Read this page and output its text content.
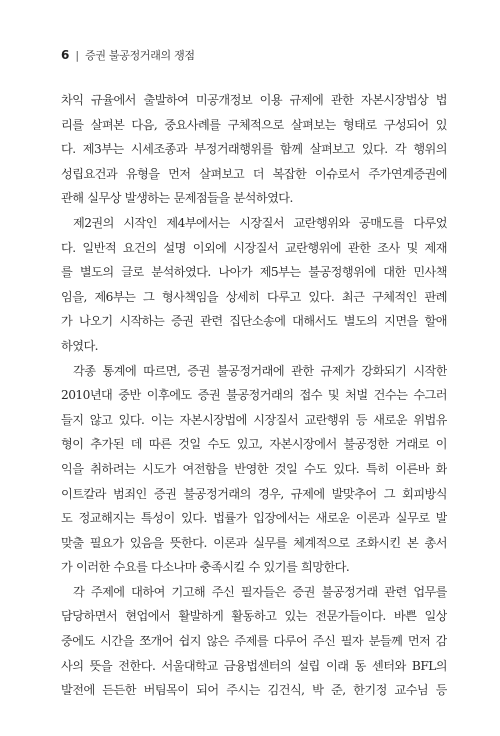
6 | 증권 불공정거래의 쟁점
차익 규율에서 출발하여 미공개정보 이용 규제에 관한 자본시장법상 법
리를 살펴본 다음, 중요사례를 구체적으로 살펴보는 형태로 구성되어 있
다. 제3부는 시세조종과 부정거래행위를 함께 살펴보고 있다. 각 행위의
성립요건과 유형을 먼저 살펴보고 더 복잡한 이슈로서 주가연계증권에
관해 실무상 발생하는 문제점들을 분석하였다.
제2권의 시작인 제4부에서는 시장질서 교란행위와 공매도를 다루었
다. 일반적 요건의 설명 이외에 시장질서 교란행위에 관한 조사 및 제재
를 별도의 글로 분석하였다. 나아가 제5부는 불공정행위에 대한 민사책
임을, 제6부는 그 형사책임을 상세히 다루고 있다. 최근 구체적인 판례
가 나오기 시작하는 증권 관련 집단소송에 대해서도 별도의 지면을 할애
하였다.
각종 통계에 따르면, 증권 불공정거래에 관한 규제가 강화되기 시작한
2010년대 중반 이후에도 증권 불공정거래의 접수 및 처벌 건수는 수그러
들지 않고 있다. 이는 자본시장법에 시장질서 교란행위 등 새로운 위법유
형이 추가된 데 따른 것일 수도 있고, 자본시장에서 불공정한 거래로 이
익을 취하려는 시도가 여전함을 반영한 것일 수도 있다. 특히 이른바 화
이트칼라 범죄인 증권 불공정거래의 경우, 규제에 발맞추어 그 회피방식
도 정교해지는 특성이 있다. 법률가 입장에서는 새로운 이론과 실무로 발
맞출 필요가 있음을 뜻한다. 이론과 실무를 체계적으로 조화시킨 본 총서
가 이러한 수요를 다소나마 충족시킬 수 있기를 희망한다.
각 주제에 대하여 기고해 주신 필자들은 증권 불공정거래 관련 업무를
담당하면서 현업에서 활발하게 활동하고 있는 전문가들이다. 바쁜 일상
중에도 시간을 쪼개어 쉽지 않은 주제를 다루어 주신 필자 분들께 먼저 감
사의 뜻을 전한다. 서울대학교 금융법센터의 설립 이래 동 센터와 BFL의
발전에 든든한 버팀목이 되어 주시는 김건식, 박 준, 한기정 교수님 등
